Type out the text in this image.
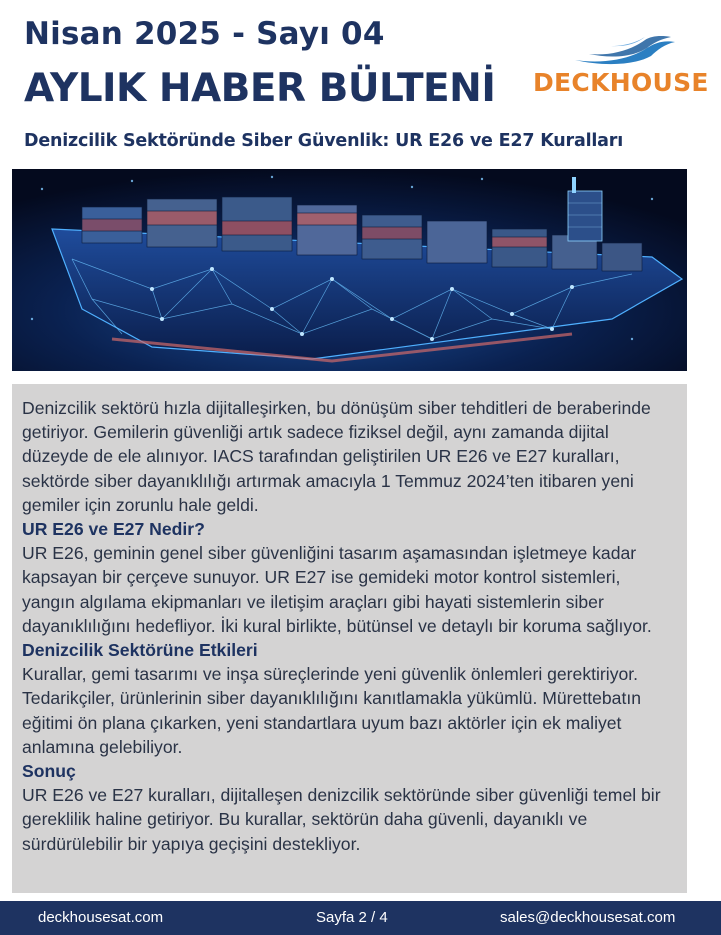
Nisan 2025 - Sayı 04
AYLIK HABER BÜLTENİ DECKHOUSE
Denizcilik Sektöründe Siber Güvenlik: UR E26 ve E27 Kuralları

Denizcilik sektörü hızla dijitalleşirken, bu dönüşüm siber tehditleri de beraberinde getiriyor. Gemilerin güvenliği artık sadece fiziksel değil, aynı zamanda dijital düzeyde de ele alınıyor. IACS tarafından geliştirilen UR E26 ve E27 kuralları, sektörde siber dayanıklılığı artırmak amacıyla 1 Temmuz 2024’ten itibaren yeni gemiler için zorunlu hale geldi.

UR E26 ve E27 Nedir?

UR E26, geminin genel siber güvenliğini tasarım aşamasından işletmeye kadar kapsayan bir çerçeve sunuyor. UR E27 ise gemideki motor kontrol sistemleri, yangın algılama ekipmanları ve iletişim araçları gibi hayati sistemlerin siber dayanıklılığını hedefliyor. İki kural birlikte, bütünsel ve detaylı bir koruma sağlıyor.

Denizcilik Sektörüne Etkileri

Kurallar, gemi tasarımı ve inşa süreçlerinde yeni güvenlik önlemleri gerektiriyor. Tedarikçiler, ürünlerinin siber dayanıklılığını kanıtlamakla yükümlü. Mürettebatın eğitimi ön plana çıkarken, yeni standartlara uyum bazı aktörler için ek maliyet anlamına gelebiliyor.

Sonuç

UR E26 ve E27 kuralları, dijitalleşen denizcilik sektöründe siber güvenliği temel bir gereklilik haline getiriyor. Bu kurallar, sektörün daha güvenli, dayanıklı ve sürdürülebilir bir yapıya geçişini destekliyor.

deckhousesat.com	Sayfa 2 / 4	sales@deckhousesat.com
